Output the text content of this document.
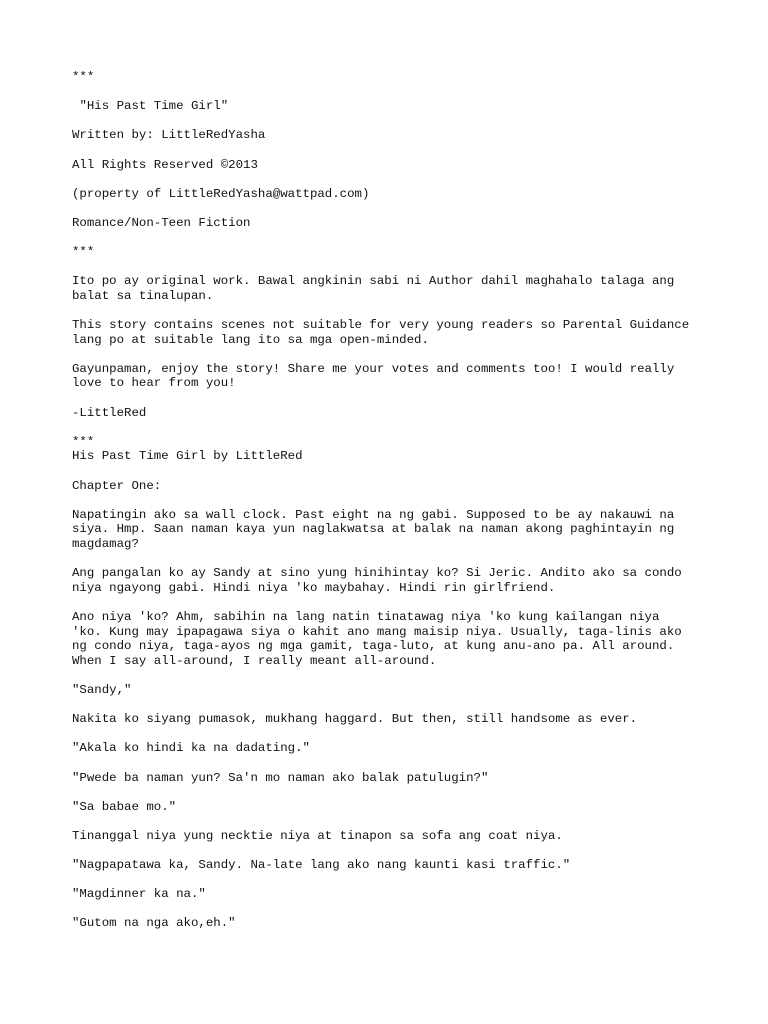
***

"His Past Time Girl"

Written by: LittleRedYasha

All Rights Reserved ©2013

(property of LittleRedYasha@wattpad.com)

Romance/Non-Teen Fiction

***

Ito po ay original work. Bawal angkinin sabi ni Author dahil maghahalo talaga ang
balat sa tinalupan.

This story contains scenes not suitable for very young readers so Parental Guidance
lang po at suitable lang ito sa mga open-minded.

Gayunpaman, enjoy the story! Share me your votes and comments too! I would really
love to hear from you!

-LittleRed

***

His Past Time Girl by LittleRed

Chapter One:

Napatingin ako sa wall clock. Past eight na ng gabi. Supposed to be ay nakauwi na
siya. Hmp. Saan naman kaya yun naglakwatsa at balak na naman akong paghintayin ng
magdamag?

Ang pangalan ko ay Sandy at sino yung hinihintay ko? Si Jeric. Andito ako sa condo
niya ngayong gabi. Hindi niya 'ko maybahay. Hindi rin girlfriend.

Ano niya 'ko? Ahm, sabihin na lang natin tinatawag niya 'ko kung kailangan niya
'ko. Kung may ipapagawa siya o kahit ano mang maisip niya. Usually, taga-linis ako
ng condo niya, taga-ayos ng mga gamit, taga-luto, at kung anu-ano pa. All around.
When I say all-around, I really meant all-around.

"Sandy,"

Nakita ko siyang pumasok, mukhang haggard. But then, still handsome as ever.

"Akala ko hindi ka na dadating."

"Pwede ba naman yun? Sa'n mo naman ako balak patulugin?"

"Sa babae mo."

Tinanggal niya yung necktie niya at tinapon sa sofa ang coat niya.

"Nagpapatawa ka, Sandy. Na-late lang ako nang kaunti kasi traffic."

"Magdinner ka na."

"Gutom na nga ako,eh."
